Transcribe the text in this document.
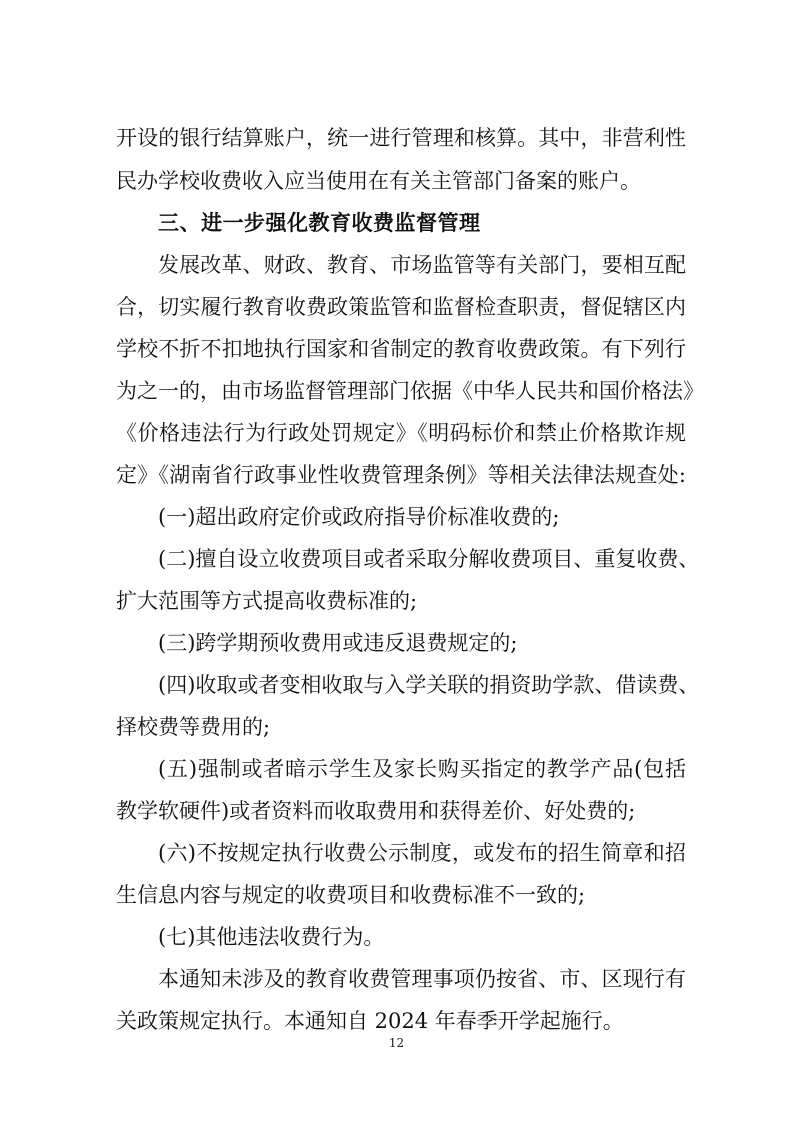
开设的银行结算账户，统一进行管理和核算。其中，非营利性
民办学校收费收入应当使用在有关主管部门备案的账户。
三、进一步强化教育收费监督管理
发展改革、财政、教育、市场监管等有关部门，要相互配
合，切实履行教育收费政策监管和监督检查职责，督促辖区内
学校不折不扣地执行国家和省制定的教育收费政策。有下列行
为之一的，由市场监督管理部门依据《中华人民共和国价格法》
《价格违法行为行政处罚规定》《明码标价和禁止价格欺诈规
定》《湖南省行政事业性收费管理条例》等相关法律法规查处:
(一)超出政府定价或政府指导价标准收费的;
(二)擅自设立收费项目或者采取分解收费项目、重复收费、
扩大范围等方式提高收费标准的;
(三)跨学期预收费用或违反退费规定的;
(四)收取或者变相收取与入学关联的捐资助学款、借读费、
择校费等费用的;
(五)强制或者暗示学生及家长购买指定的教学产品(包括
教学软硬件)或者资料而收取费用和获得差价、好处费的;
(六)不按规定执行收费公示制度，或发布的招生简章和招
生信息内容与规定的收费项目和收费标准不一致的;
(七)其他违法收费行为。
本通知未涉及的教育收费管理事项仍按省、市、区现行有
关政策规定执行。本通知自 2024 年春季开学起施行。
12
